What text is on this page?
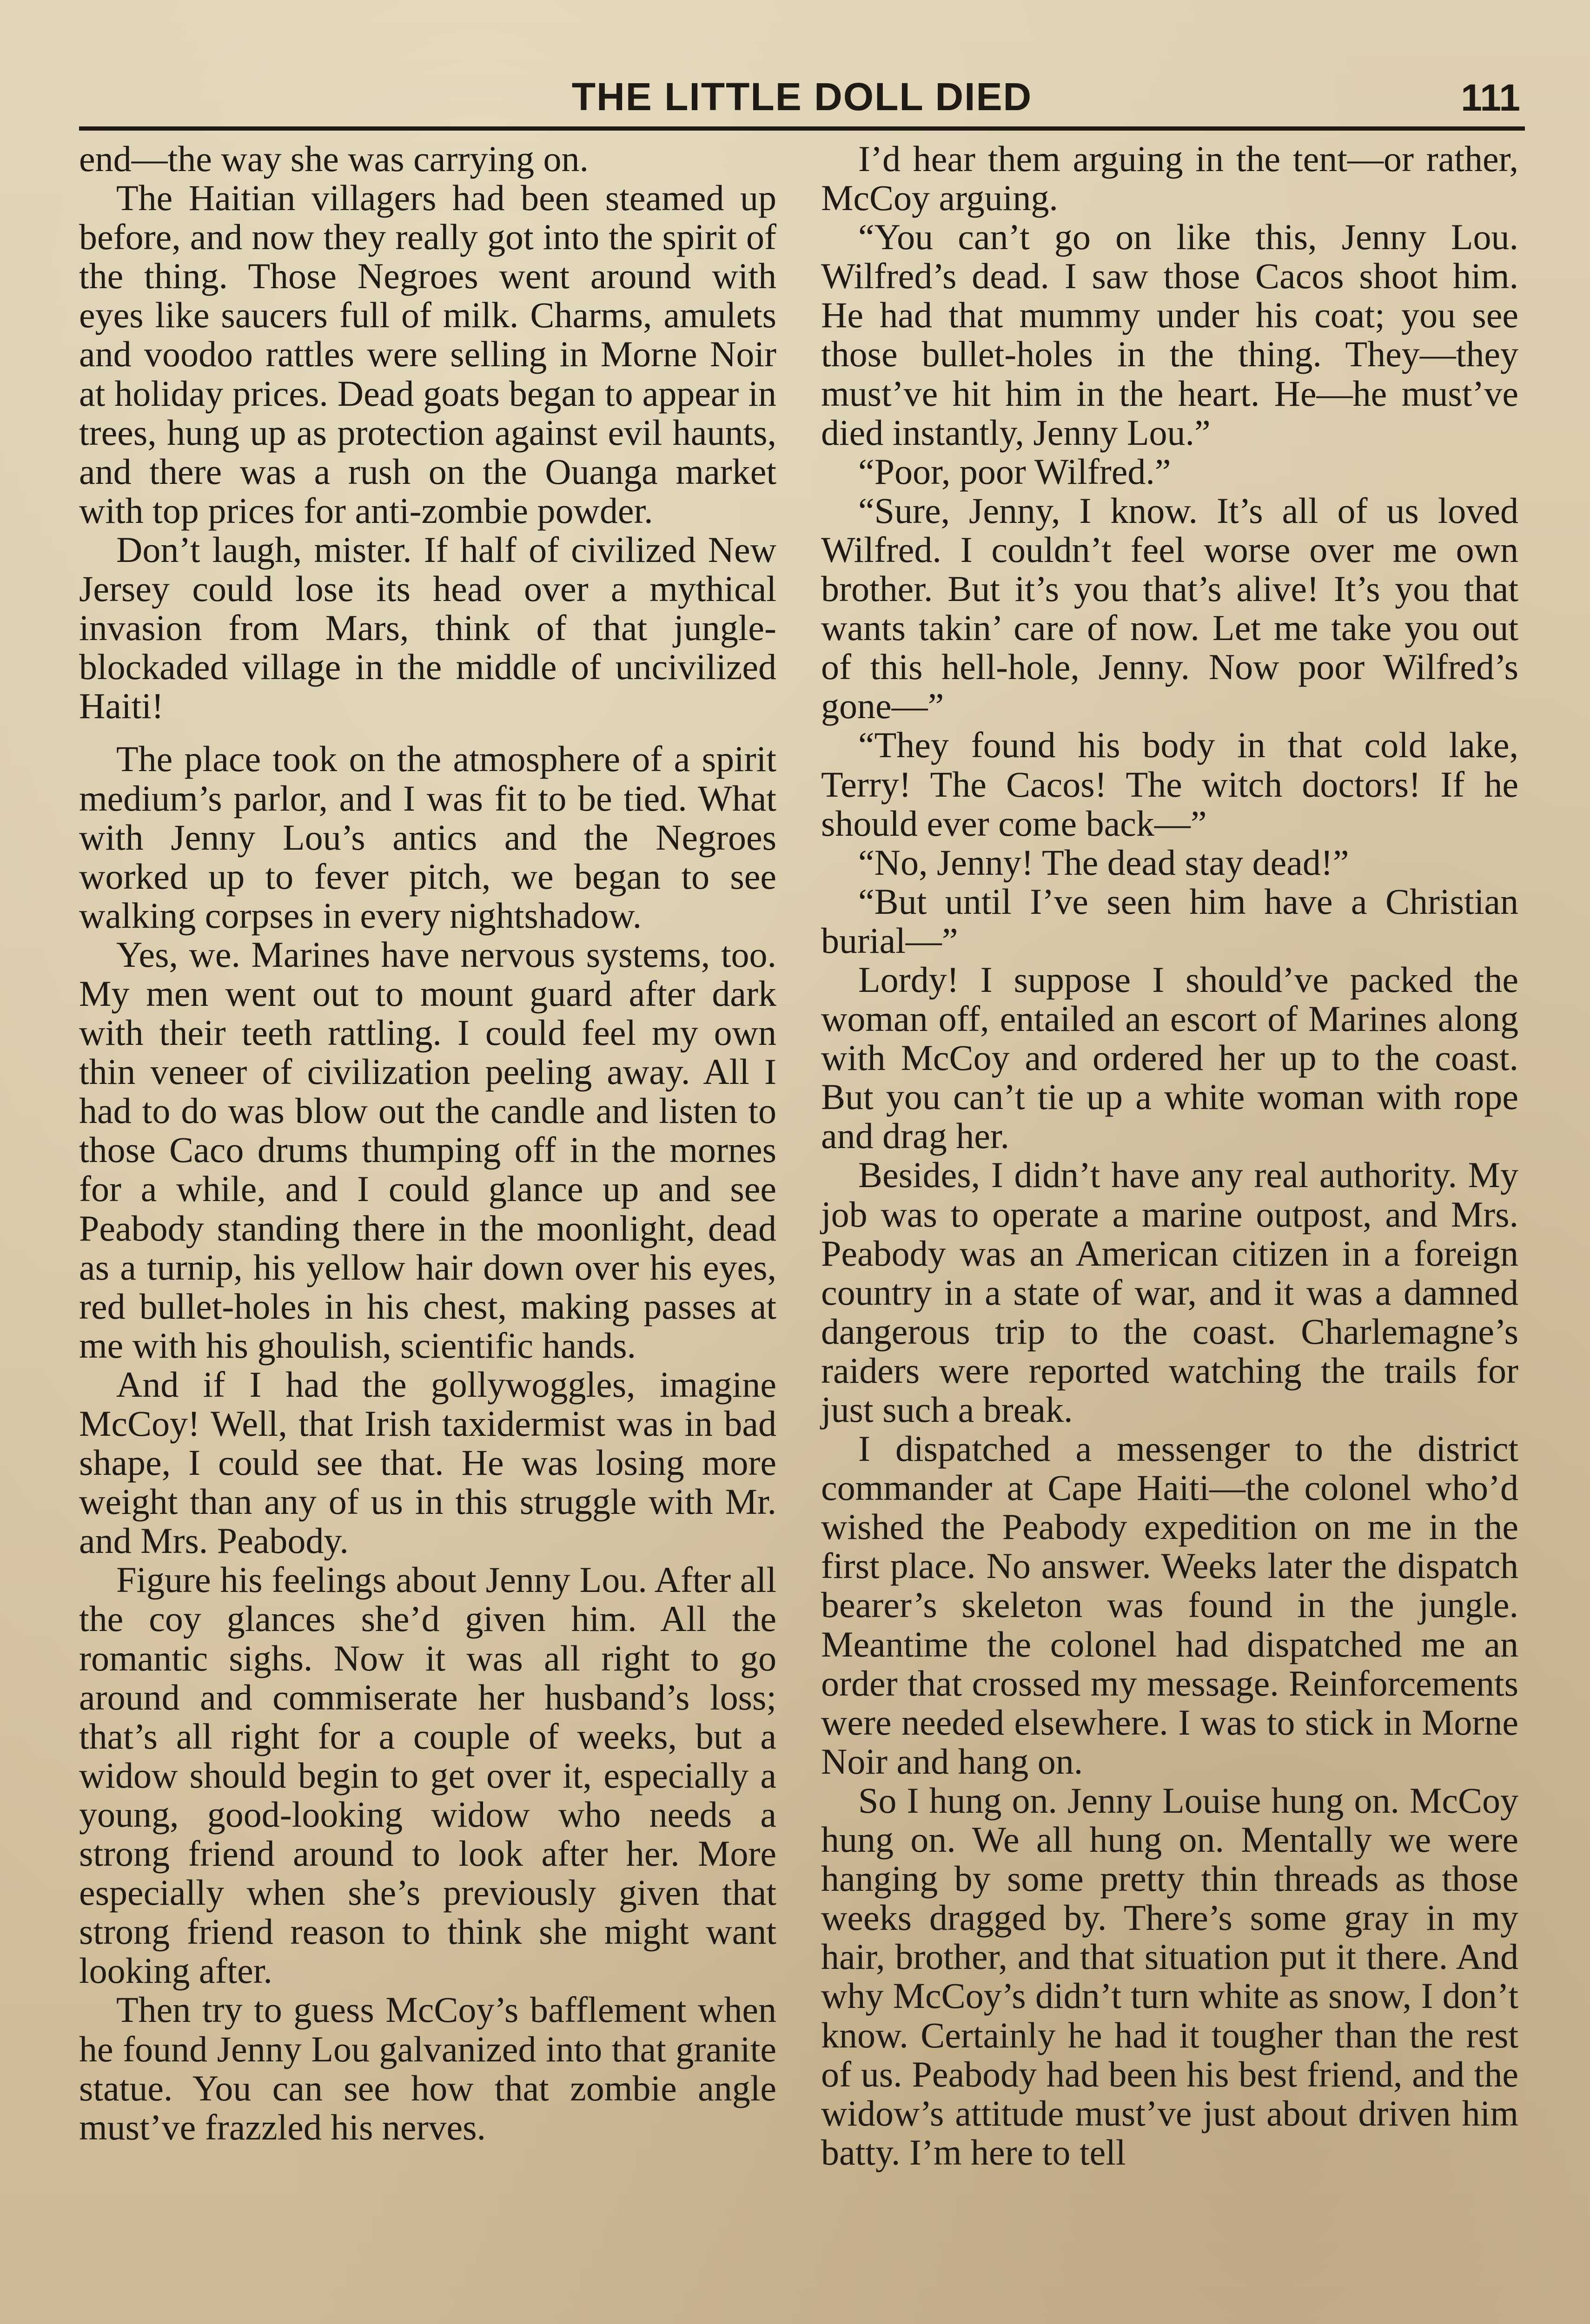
THE LITTLE DOLL DIED	111

end—the way she was carrying on.

The Haitian villagers had been steamed up before, and now they really got into the spirit of the thing. Those Negroes went around with eyes like saucers full of milk. Charms, amulets and voodoo rattles were selling in Morne Noir at holiday prices. Dead goats began to appear in trees, hung up as protection against evil haunts, and there was a rush on the Ouanga market with top prices for anti-zombie powder.

Don’t laugh, mister. If half of civilized New Jersey could lose its head over a mythical invasion from Mars, think of that jungle-blockaded village in the middle of uncivilized Haiti!

The place took on the atmosphere of a spirit medium’s parlor, and I was fit to be tied. What with Jenny Lou’s antics and the Negroes worked up to fever pitch, we began to see walking corpses in every nightshadow.

Yes, we. Marines have nervous systems, too. My men went out to mount guard after dark with their teeth rattling. I could feel my own thin veneer of civilization peeling away. All I had to do was blow out the candle and listen to those Caco drums thumping off in the mornes for a while, and I could glance up and see Peabody standing there in the moonlight, dead as a turnip, his yellow hair down over his eyes, red bullet-holes in his chest, making passes at me with his ghoulish, scientific hands.

And if I had the gollywoggles, imagine McCoy! Well, that Irish taxidermist was in bad shape, I could see that. He was losing more weight than any of us in this struggle with Mr. and Mrs. Peabody.

Figure his feelings about Jenny Lou. After all the coy glances she’d given him. All the romantic sighs. Now it was all right to go around and commiserate her husband’s loss; that’s all right for a couple of weeks, but a widow should begin to get over it, especially a young, good-looking widow who needs a strong friend around to look after her. More especially when she’s previously given that strong friend reason to think she might want looking after.

Then try to guess McCoy’s bafflement when he found Jenny Lou galvanized into that granite statue. You can see how that zombie angle must’ve frazzled his nerves.

I’d hear them arguing in the tent—or rather, McCoy arguing.

“You can’t go on like this, Jenny Lou. Wilfred’s dead. I saw those Cacos shoot him. He had that mummy under his coat; you see those bullet-holes in the thing. They—they must’ve hit him in the heart. He—he must’ve died instantly, Jenny Lou.”

“Poor, poor Wilfred.”

“Sure, Jenny, I know. It’s all of us loved Wilfred. I couldn’t feel worse over me own brother. But it’s you that’s alive! It’s you that wants takin’ care of now. Let me take you out of this hell-hole, Jenny. Now poor Wilfred’s gone—”

“They found his body in that cold lake, Terry! The Cacos! The witch doctors! If he should ever come back—”

“No, Jenny! The dead stay dead!”

“But until I’ve seen him have a Christian burial—”

Lordy! I suppose I should’ve packed the woman off, entailed an escort of Marines along with McCoy and ordered her up to the coast. But you can’t tie up a white woman with rope and drag her.

Besides, I didn’t have any real authority. My job was to operate a marine outpost, and Mrs. Peabody was an American citizen in a foreign country in a state of war, and it was a damned dangerous trip to the coast. Charlemagne’s raiders were reported watching the trails for just such a break.

I dispatched a messenger to the district commander at Cape Haiti—the colonel who’d wished the Peabody expedition on me in the first place. No answer. Weeks later the dispatch bearer’s skeleton was found in the jungle. Meantime the colonel had dispatched me an order that crossed my message. Reinforcements were needed elsewhere. I was to stick in Morne Noir and hang on.

So I hung on. Jenny Louise hung on. McCoy hung on. We all hung on. Mentally we were hanging by some pretty thin threads as those weeks dragged by. There’s some gray in my hair, brother, and that situation put it there. And why McCoy’s didn’t turn white as snow, I don’t know. Certainly he had it tougher than the rest of us. Peabody had been his best friend, and the widow’s attitude must’ve just about driven him batty. I’m here to tell
